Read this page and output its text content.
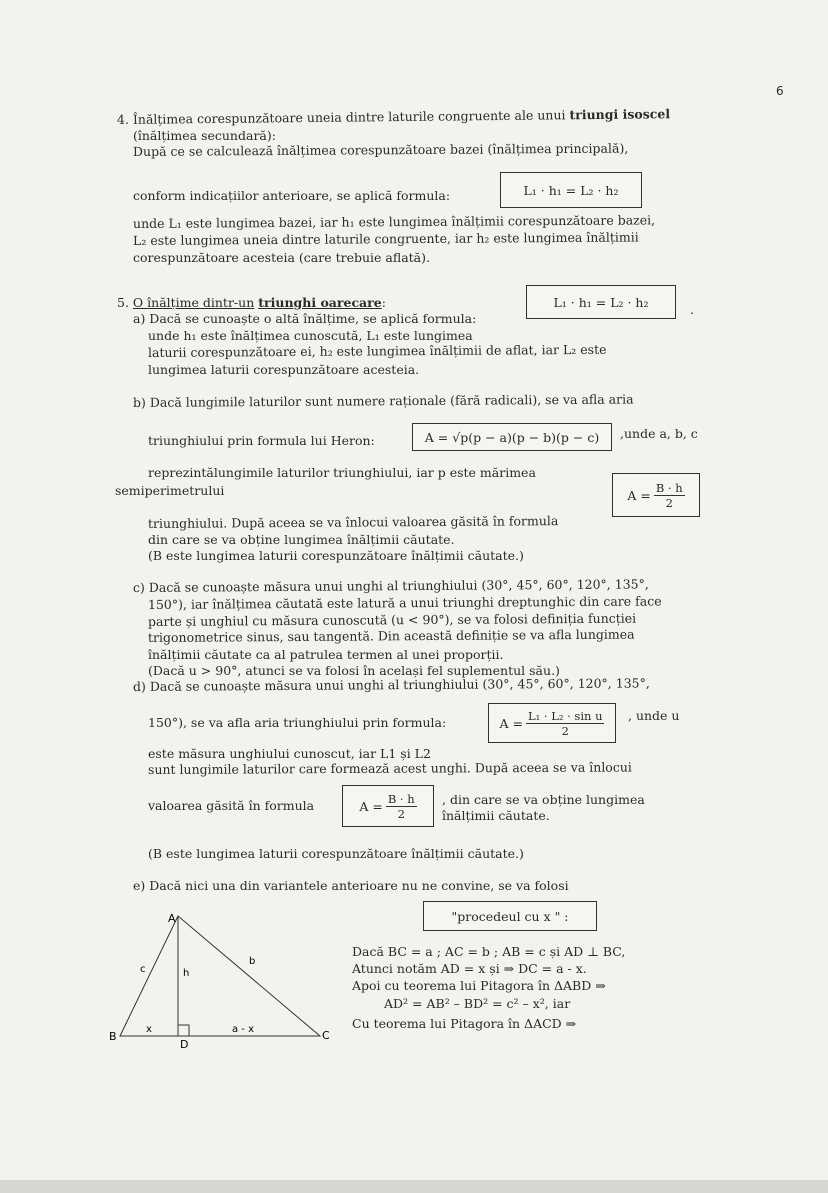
6
4. Înălțimea corespunzătoare uneia dintre laturile congruente ale unui triungi isoscel
(înălțimea secundară):
După ce se calculează înălțimea corespunzătoare bazei (înălțimea principală),
conform indicațiilor anterioare, se aplică formula:	L₁ · h₁ = L₂ · h₂
unde L₁ este lungimea bazei, iar h₁ este lungimea înălțimii corespunzătoare bazei,
L₂ este lungimea uneia dintre laturile congruente, iar h₂ este lungimea înălțimii
corespunzătoare acesteia (care trebuie aflată).
5. O înălțime dintr-un triunghi oarecare:
a) Dacă se cunoaște o altă înălțime, se aplică formula:
L₁ · h₁ = L₂ · h₂	.
unde h₁ este înălțimea cunoscută, L₁ este lungimea
laturii corespunzătoare ei, h₂ este lungimea înălțimii de aflat, iar L₂ este
lungimea laturii corespunzătoare acesteia.
b) Dacă lungimile laturilor sunt numere raționale (fără radicali), se va afla aria
triunghiului prin formula lui Heron:	A = √p(p − a)(p − b)(p − c)	,unde a, b, c
reprezintălungimile laturilor triunghiului, iar p este mărimea
semiperimetrului	$A = \frac{B \cdot h}{2}$
triunghiului. După aceea se va înlocui valoarea găsită în formula
din care se va obține lungimea înălțimii căutate.
(B este lungimea laturii corespunzătoare înălțimii căutate.)
c) Dacă se cunoaște măsura unui unghi al triunghiului (30°, 45°, 60°, 120°, 135°,
150°), iar înălțimea căutată este latură a unui triunghi dreptunghic din care face
parte și unghiul cu măsura cunoscută (u < 90°), se va folosi definiția funcției
trigonometrice sinus, sau tangentă. Din această definiție se va afla lungimea
înălțimii căutate ca al patrulea termen al unei proporții.
(Dacă u > 90°, atunci se va folosi în același fel suplementul său.)
d) Dacă se cunoaște măsura unui unghi al triunghiului (30°, 45°, 60°, 120°, 135°,
150°), se va afla aria triunghiului prin formula:	$A = \frac{\text{L₁ · L₂ · sin u}}{2}$ , unde u
este măsura unghiului cunoscut, iar L1 și L2
sunt lungimile laturilor care formează acest unghi. După aceea se va înlocui
valoarea găsită în formula	$A = \frac{B \cdot h}{2}$ , din care se va obține lungimea
înălțimii căutate.
(B este lungimea laturii corespunzătoare înălțimii căutate.)
e) Dacă nici una din variantele anterioare nu ne convine, se va folosi
"procedeul cu x " :
Dacă BC = a ; AC = b ; AB = c și AD ⊥ BC,
Atunci notăm AD = x și ⇒ DC = a - x.
Apoi cu teorema lui Pitagora în ΔABD ⇒
AD² = AB² – BD² = c² – x², iar
Cu teorema lui Pitagora în ΔACD ⇒
A
B	C
D
c	h
b
x	a - x
